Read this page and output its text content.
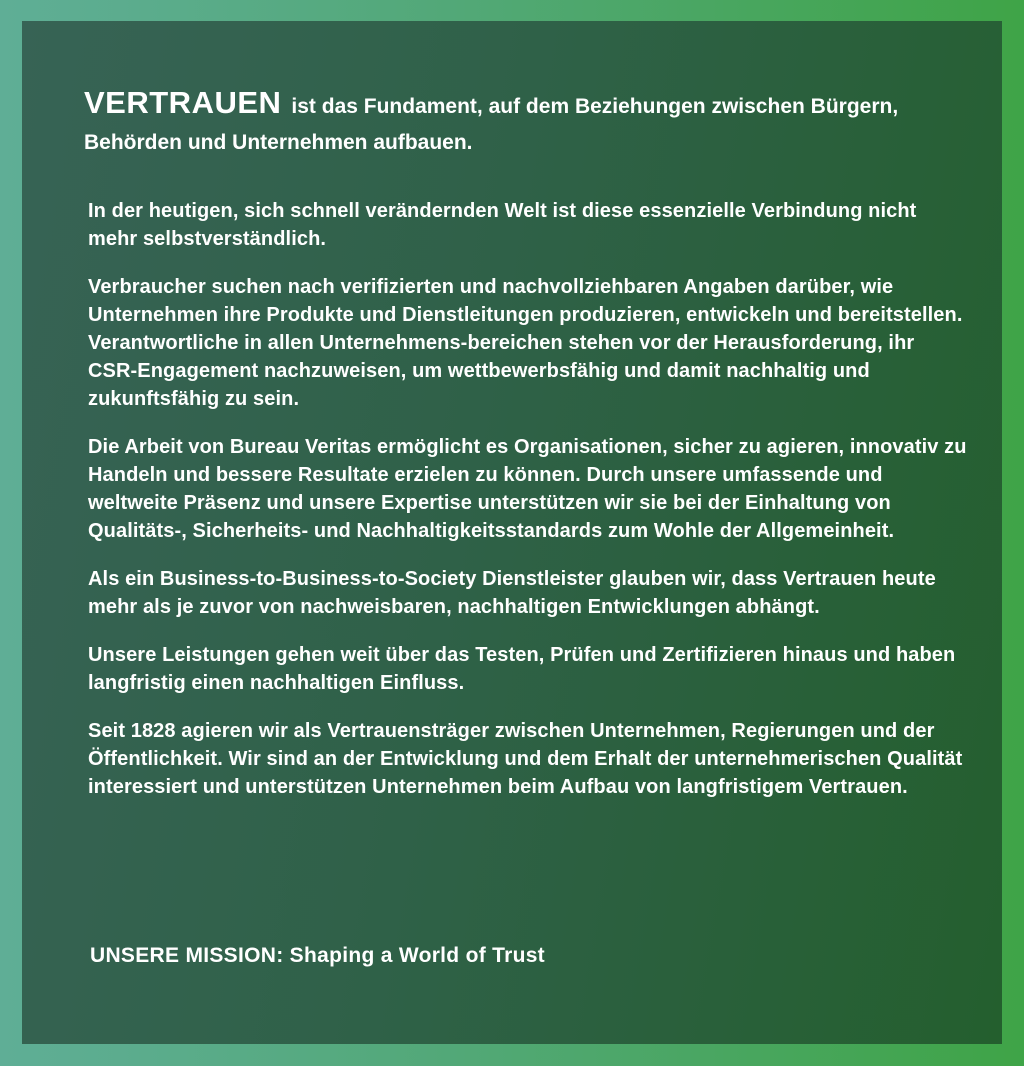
VERTRAUEN ist das Fundament, auf dem Beziehungen zwischen Bürgern, Behörden und Unternehmen aufbauen.

In der heutigen, sich schnell verändernden Welt ist diese essenzielle Verbindung nicht mehr selbstverständlich.

Verbraucher suchen nach verifizierten und nachvollziehbaren Angaben darüber, wie Unternehmen ihre Produkte und Dienstleitungen produzieren, entwickeln und bereitstellen. Verantwortliche in allen Unternehmens-bereichen stehen vor der Herausforderung, ihr CSR-Engagement nachzuweisen, um wettbewerbsfähig und damit nachhaltig und zukunftsfähig zu sein.

Die Arbeit von Bureau Veritas ermöglicht es Organisationen, sicher zu agieren, innovativ zu Handeln und bessere Resultate erzielen zu können. Durch unsere umfassende und weltweite Präsenz und unsere Expertise unterstützen wir sie bei der Einhaltung von Qualitäts-, Sicherheits- und Nachhaltigkeitsstandards zum Wohle der Allgemeinheit.

Als ein Business-to-Business-to-Society Dienstleister glauben wir, dass Vertrauen heute mehr als je zuvor von nachweisbaren, nachhaltigen Entwicklungen abhängt.

Unsere Leistungen gehen weit über das Testen, Prüfen und Zertifizieren hinaus und haben langfristig einen nachhaltigen Einfluss.

Seit 1828 agieren wir als Vertrauensträger zwischen Unternehmen, Regierungen und der Öffentlichkeit. Wir sind an der Entwicklung und dem Erhalt der unternehmerischen Qualität interessiert und unterstützen Unternehmen beim Aufbau von langfristigem Vertrauen.

UNSERE MISSION: Shaping a World of Trust
